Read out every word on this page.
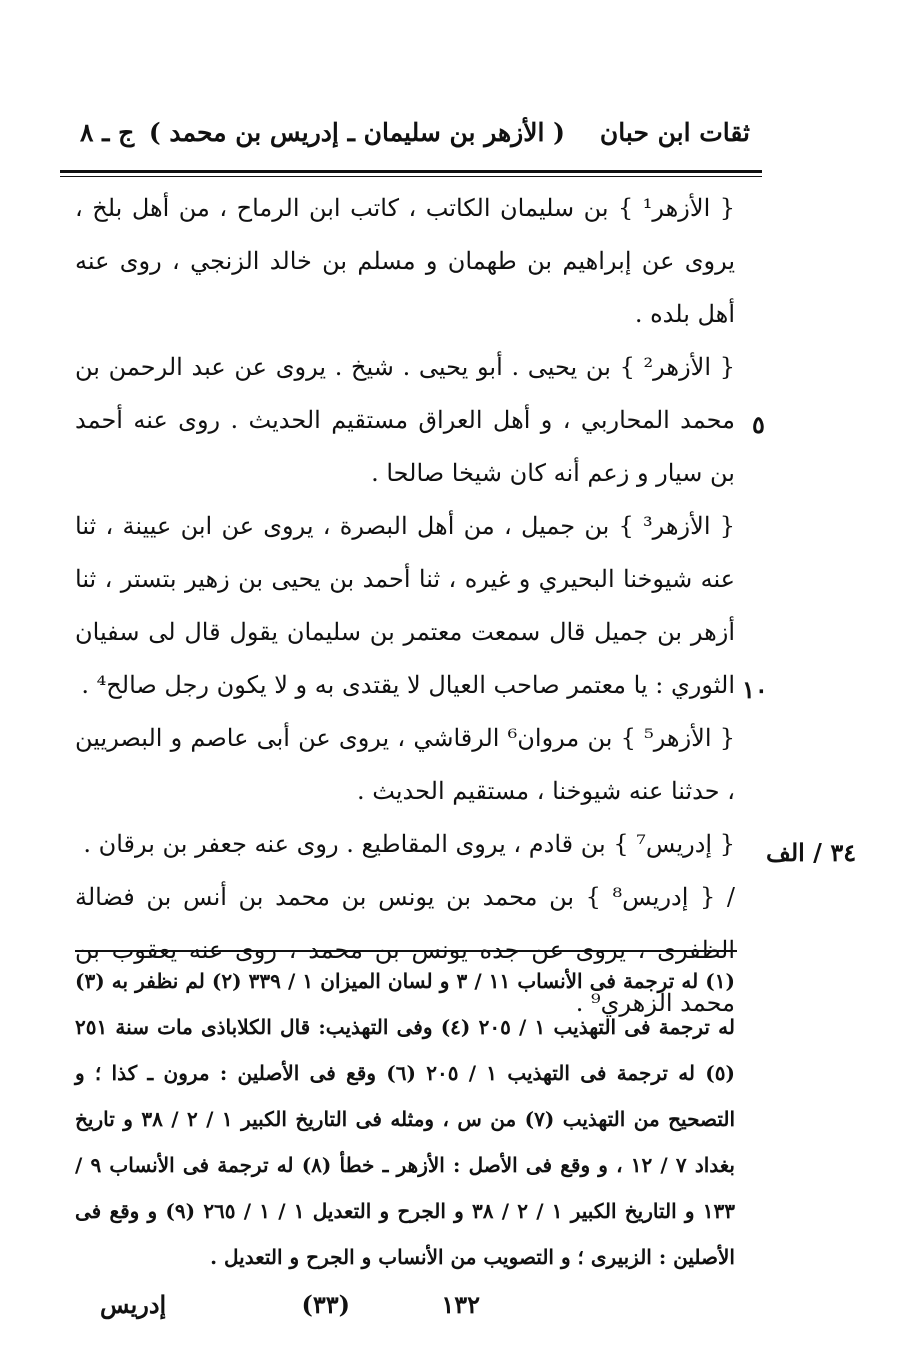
ثقات ابن حبان
( الأزهر بن سليمان ـ إدريس بن محمد )
ج ـ ٨

{ الأزهر¹ } بن سليمان الكاتب ، كاتب ابن الرماح ، من أهل بلخ ، يروى عن إبراهيم بن طهمان و مسلم بن خالد الزنجي ، روى عنه أهل بلده .

{ الأزهر² } بن يحيى . أبو يحيى . شيخ . يروى عن عبد الرحمن بن محمد المحاربي ، و أهل العراق مستقيم الحديث . روى عنه أحمد بن سيار و زعم أنه كان شيخا صالحا .

{ الأزهر³ } بن جميل ، من أهل البصرة ، يروى عن ابن عيينة ، ثنا عنه شيوخنا البحيري و غيره ، ثنا أحمد بن يحيى بن زهير بتستر ، ثنا أزهر بن جميل قال سمعت معتمر بن سليمان يقول قال لى سفيان الثوري : يا معتمر صاحب العيال لا يقتدى به و لا يكون رجل صالح⁴ .

{ الأزهر⁵ } بن مروان⁶ الرقاشي ، يروى عن أبى عاصم و البصريين ، حدثنا عنه شيوخنا ، مستقيم الحديث .

{ إدريس⁷ } بن قادم ، يروى المقاطيع . روى عنه جعفر بن برقان .

/ { إدريس⁸ } بن محمد بن يونس بن محمد بن أنس بن فضالة الظفرى ، يروى عن جده يونس بن محمد ، روى عنه يعقوب بن محمد الزهري⁹ .

٥
١٠
٣٤ / الف

(١) له ترجمة فى الأنساب ١١ / ٣ و لسان الميزان ١ / ٣٣٩ (٢) لم نظفر به (٣) له ترجمة فى التهذيب ١ / ٢٠٥ (٤) وفى التهذيب: قال الكلاباذى مات سنة ٢٥١ (٥) له ترجمة فى التهذيب ١ / ٢٠٥ (٦) وقع فى الأصلين : مرون ـ كذا ؛ و التصحيح من التهذيب (٧) من س ، ومثله فى التاريخ الكبير ١ / ٢ / ٣٨ و تاريخ بغداد ٧ / ١٢ ، و وقع فى الأصل : الأزهر ـ خطأ (٨) له ترجمة فى الأنساب ٩ / ١٣٣ و التاريخ الكبير ١ / ٢ / ٣٨ و الجرح و التعديل ١ / ١ / ٢٦٥ (٩) و وقع فى الأصلين : الزبيرى ؛ و التصويب من الأنساب و الجرح و التعديل .

١٣٢
(٣٣)
إدريس
